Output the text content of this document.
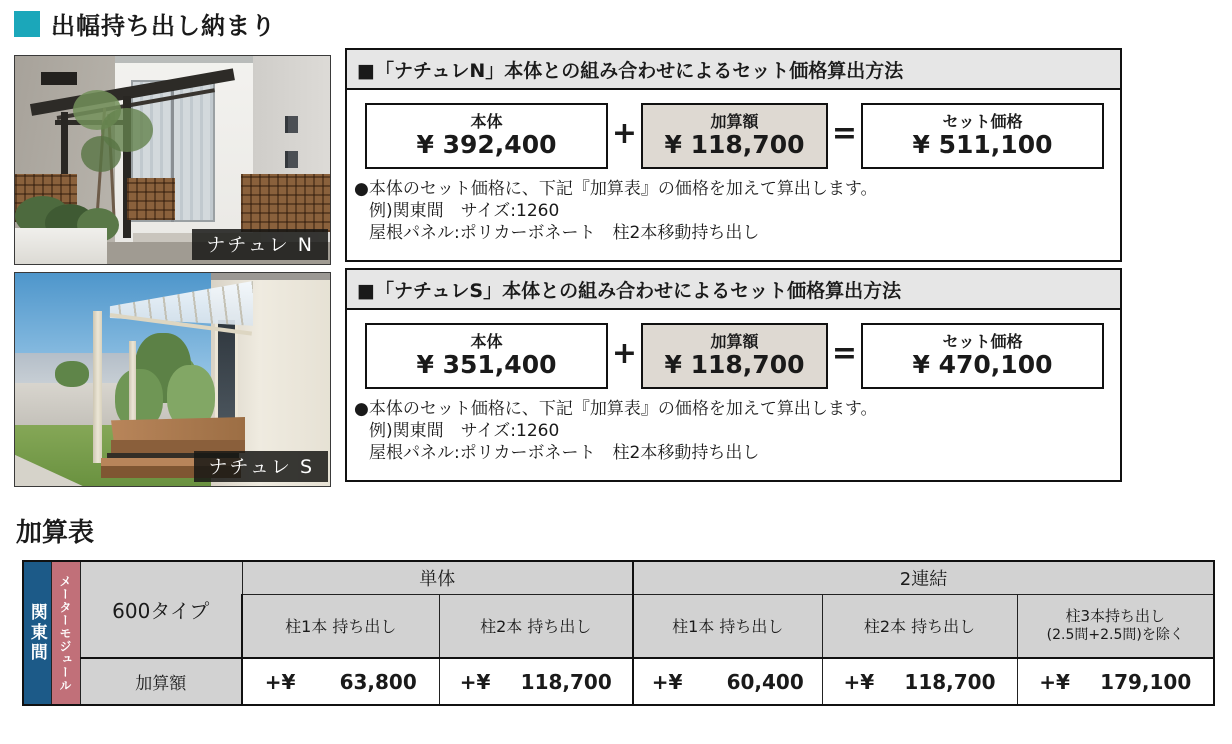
出幅持ち出し納まり
ナチュレ N
ナチュレ S
■「ナチュレN」本体との組み合わせによるセット価格算出方法
本体
¥ 392,400 +	加算額
¥ 118,700 =	セット価格
¥ 511,100
●本体のセット価格に、下記『加算表』の価格を加えて算出します。
例)関東間　サイズ:1260
屋根パネル:ポリカーボネート　柱2本移動持ち出し
■「ナチュレS」本体との組み合わせによるセット価格算出方法
本体
¥ 351,400 +	加算額
¥ 118,700 =	セット価格
¥ 470,100
●本体のセット価格に、下記『加算表』の価格を加えて算出します。
例)関東間　サイズ:1260
屋根パネル:ポリカーボネート　柱2本移動持ち出し
加算表
関東間	メーターモジュール	600タイプ	単体		2連結		
			柱1本 持ち出し	柱2本 持ち出し	柱1本 持ち出し	柱2本 持ち出し	柱3本持ち出し
(2.5間+2.5間)を除く

		加算額	+¥ 63,800	+¥ 118,700	+¥ 60,400	+¥ 118,700	+¥ 179,100
